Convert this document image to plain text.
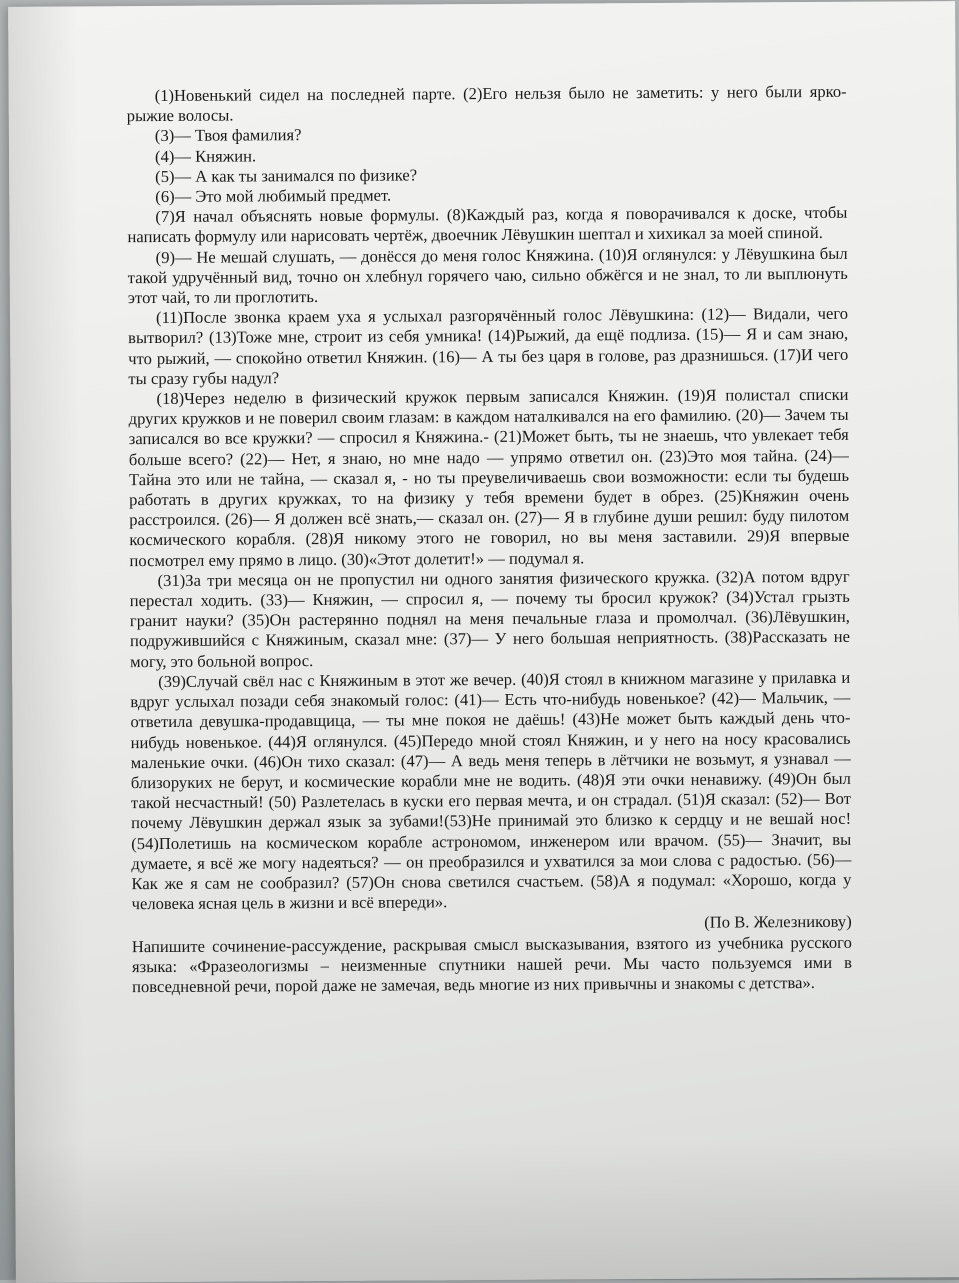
(1)Новенький сидел на последней парте. (2)Его нельзя было не заметить: у него были ярко-рыжие волосы.

(3)— Твоя фамилия?

(4)— Княжин.

(5)— А как ты занимался по физике?

(6)— Это мой любимый предмет.

(7)Я начал объяснять новые формулы. (8)Каждый раз, когда я поворачивался к доске, чтобы написать формулу или нарисовать чертёж, двоечник Лёвушкин шептал и хихикал за моей спиной.

(9)— Не мешай слушать, — донёсся до меня голос Княжина. (10)Я оглянулся: у Лёвушкина был такой удручённый вид, точно он хлебнул горячего чаю, сильно обжёгся и не знал, то ли выплюнуть этот чай, то ли проглотить.

(11)После звонка краем уха я услыхал разгорячённый голос Лёвушкина: (12)— Видали, чего вытворил? (13)Тоже мне, строит из себя умника! (14)Рыжий, да ещё подлиза. (15)— Я и сам знаю, что рыжий, — спокойно ответил Княжин. (16)— А ты без царя в голове, раз дразнишься. (17)И чего ты сразу губы надул?

(18)Через неделю в физический кружок первым записался Княжин. (19)Я полистал списки других кружков и не поверил своим глазам: в каждом наталкивался на его фамилию. (20)— Зачем ты записался во все кружки? — спросил я Княжина.- (21)Может быть, ты не знаешь, что увлекает тебя больше всего? (22)— Нет, я знаю, но мне надо — упрямо ответил он. (23)Это моя тайна. (24)— Тайна это или не тайна, — сказал я, - но ты преувеличиваешь свои возможности: если ты будешь работать в других кружках, то на физику у тебя времени будет в обрез. (25)Княжин очень расстроился. (26)— Я должен всё знать,— сказал он. (27)— Я в глубине души решил: буду пилотом космического корабля. (28)Я никому этого не говорил, но вы меня заставили. 29)Я впервые посмотрел ему прямо в лицо. (30)«Этот долетит!» — подумал я.

(31)За три месяца он не пропустил ни одного занятия физического кружка. (32)А потом вдруг перестал ходить. (33)— Княжин, — спросил я, — почему ты бросил кружок? (34)Устал грызть гранит науки? (35)Он растерянно поднял на меня печальные глаза и промолчал. (36)Лёвушкин, подружившийся с Княжиным, сказал мне: (37)— У него большая неприятность. (38)Рассказать не могу, это больной вопрос.

(39)Случай свёл нас с Княжиным в этот же вечер. (40)Я стоял в книжном магазине у прилавка и вдруг услыхал позади себя знакомый голос: (41)— Есть что-нибудь новенькое? (42)— Мальчик, — ответила девушка-продавщица, — ты мне покоя не даёшь! (43)Не может быть каждый день что-нибудь новенькое. (44)Я оглянулся. (45)Передо мной стоял Княжин, и у него на носу красовались маленькие очки. (46)Он тихо сказал: (47)— А ведь меня теперь в лётчики не возьмут, я узнавал — близоруких не берут, и космические корабли мне не водить. (48)Я эти очки ненавижу. (49)Он был такой несчастный! (50) Разлетелась в куски его первая мечта, и он страдал. (51)Я сказал: (52)— Вот почему Лёвушкин держал язык за зубами!(53)Не принимай это близко к сердцу и не вешай нос! (54)Полетишь на космическом корабле астрономом, инженером или врачом. (55)— Значит, вы думаете, я всё же могу надеяться? — он преобразился и ухватился за мои слова с радостью. (56)— Как же я сам не сообразил? (57)Он снова светился счастьем. (58)А я подумал: «Хорошо, когда у человека ясная цель в жизни и всё впереди».

(По В. Железникову)

Напишите сочинение-рассуждение, раскрывая смысл высказывания, взятого из учебника русского языка: «Фразеологизмы – неизменные спутники нашей речи. Мы часто пользуемся ими в повседневной речи, порой даже не замечая, ведь многие из них привычны и знакомы с детства».
